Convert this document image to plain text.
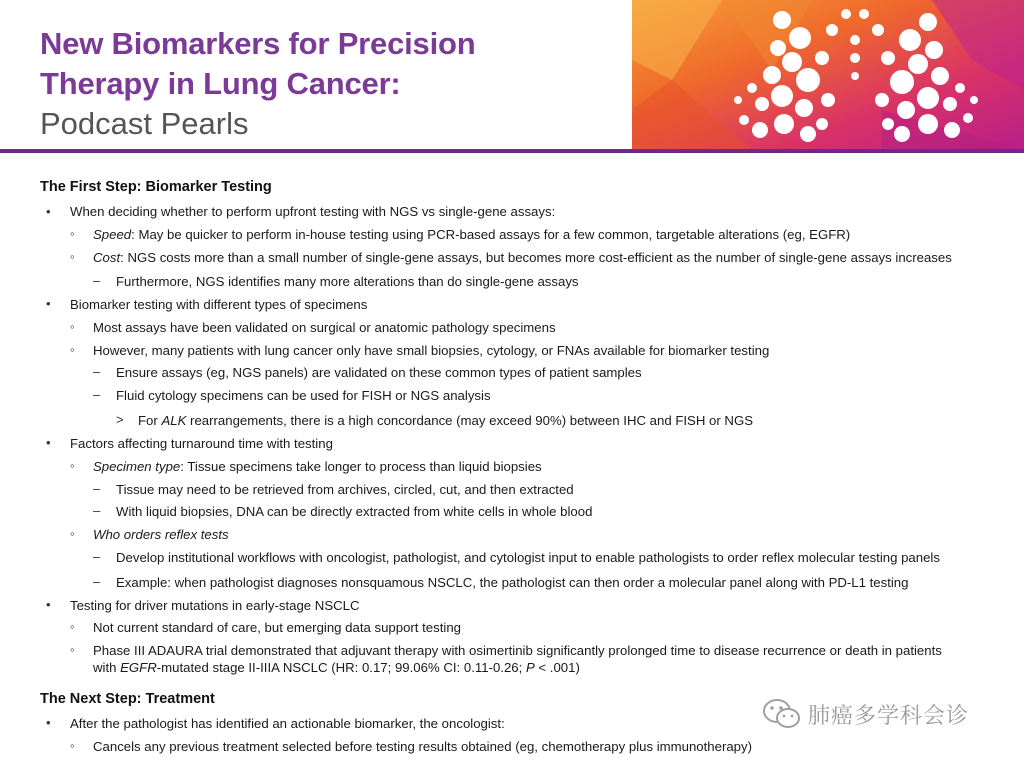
New Biomarkers for Precision
Therapy in Lung Cancer:
Podcast Pearls
The First Step: Biomarker Testing
• When deciding whether to perform upfront testing with NGS vs single-gene assays:
◦ Speed: May be quicker to perform in-house testing using PCR-based assays for a few common, targetable alterations (eg, EGFR)
◦ Cost: NGS costs more than a small number of single-gene assays, but becomes more cost-efficient as the number of single-gene assays increases
– Furthermore, NGS identifies many more alterations than do single-gene assays
• Biomarker testing with different types of specimens
◦ Most assays have been validated on surgical or anatomic pathology specimens
◦ However, many patients with lung cancer only have small biopsies, cytology, or FNAs available for biomarker testing
– Ensure assays (eg, NGS panels) are validated on these common types of patient samples
– Fluid cytology specimens can be used for FISH or NGS analysis
> For ALK rearrangements, there is a high concordance (may exceed 90%) between IHC and FISH or NGS
• Factors affecting turnaround time with testing
◦ Specimen type: Tissue specimens take longer to process than liquid biopsies
– Tissue may need to be retrieved from archives, circled, cut, and then extracted
– With liquid biopsies, DNA can be directly extracted from white cells in whole blood
◦ Who orders reflex tests
– Develop institutional workflows with oncologist, pathologist, and cytologist input to enable pathologists to order reflex molecular testing panels
– Example: when pathologist diagnoses nonsquamous NSCLC, the pathologist can then order a molecular panel along with PD-L1 testing
• Testing for driver mutations in early-stage NSCLC
◦ Not current standard of care, but emerging data support testing
◦ Phase III ADAURA trial demonstrated that adjuvant therapy with osimertinib significantly prolonged time to disease recurrence or death in patients
with EGFR-mutated stage II-IIIA NSCLC (HR: 0.17; 99.06% CI: 0.11-0.26; P < .001)
The Next Step: Treatment
• After the pathologist has identified an actionable biomarker, the oncologist:
◦ Cancels any previous treatment selected before testing results obtained (eg, chemotherapy plus immunotherapy)
肺癌多学科会诊
